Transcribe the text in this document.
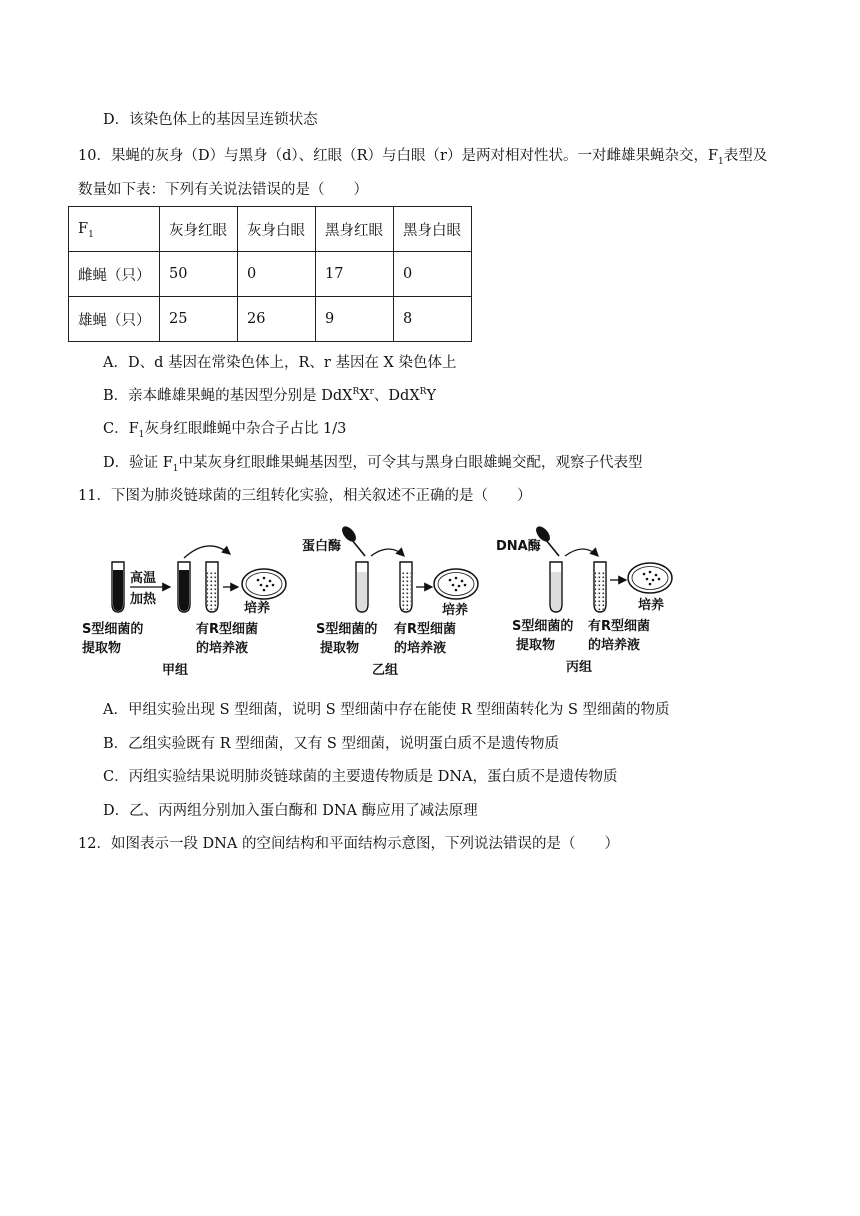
D．该染色体上的基因呈连锁状态
10．果蝇的灰身（D）与黑身（d）、红眼（R）与白眼（r）是两对相对性状。一对雌雄果蝇杂交，$F_1$表型及
数量如下表：下列有关说法错误的是（　　）
$F_1$	灰身红眼	灰身白眼	黑身红眼	黑身白眼
雌蝇（只）	50	0	17	0
雄蝇（只）	25	26	9	8
A．D、d 基因在常染色体上，R、r 基因在 X 染色体上
B．亲本雌雄果蝇的基因型分别是 $DdX^RX^r$、DdX$^R$Y
C．$F_1$灰身红眼雌蝇中杂合子占比 1/3
D．验证 $F_1$中某灰身红眼雌果蝇基因型，可令其与黑身白眼雄蝇交配，观察子代表型
11．下图为肺炎链球菌的三组转化实验，相关叙述不正确的是（　　）
高温
加热
培养
S型细菌的
提取物
有R型细菌
的培养液
甲组
蛋白酶
培养
S型细菌的
提取物
有R型细菌
的培养液
乙组
DNA酶
培养
S型细菌的
提取物
有R型细菌
的培养液
丙组
A．甲组实验出现 S 型细菌，说明 S 型细菌中存在能使 R 型细菌转化为 S 型细菌的物质
B．乙组实验既有 R 型细菌，又有 S 型细菌，说明蛋白质不是遗传物质
C．丙组实验结果说明肺炎链球菌的主要遗传物质是 DNA，蛋白质不是遗传物质
D．乙、丙两组分别加入蛋白酶和 DNA 酶应用了减法原理
12．如图表示一段 DNA 的空间结构和平面结构示意图，下列说法错误的是（　　）
